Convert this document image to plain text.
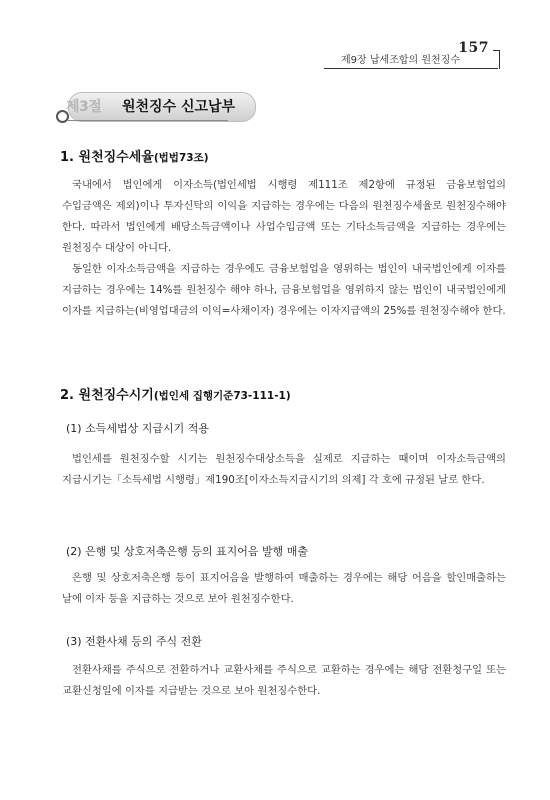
제9장 납세조합의 원천징수
157
제3절 원천징수 신고납부
1. 원천징수세율(법법73조)

국내에서 법인에게 이자소득(법인세법 시행령 제111조 제2항에 규정된 금융보험업의 수입금액은 제외)이나 투자신탁의 이익을 지급하는 경우에는 다음의 원천징수세율로 원천징수해야 한다. 따라서 법인에게 배당소득금액이나 사업수입금액 또는 기타소득금액을 지급하는 경우에는 원천징수 대상이 아니다.

동일한 이자소득금액을 지급하는 경우에도 금융보험업을 영위하는 법인이 내국법인에게 이자를 지급하는 경우에는 14%를 원천징수 해야 하나, 금융보험업을 영위하지 않는 법인이 내국법인에게 이자를 지급하는(비영업대금의 이익=사채이자) 경우에는 이자지급액의 25%를 원천징수해야 한다.

2. 원천징수시기(법인세 집행기준73-111-1)
(1) 소득세법상 지급시기 적용

법인세를 원천징수할 시기는 원천징수대상소득을 실제로 지급하는 때이며 이자소득금액의 지급시기는「소득세법 시행령」제190조[이자소득지급시기의 의제] 각 호에 규정된 날로 한다.

(2) 은행 및 상호저축은행 등의 표지어음 발행 매출

은행 및 상호저축은행 등이 표지어음을 발행하여 매출하는 경우에는 해당 어음을 할인매출하는 날에 이자 등을 지급하는 것으로 보아 원천징수한다.

(3) 전환사채 등의 주식 전환

전환사채를 주식으로 전환하거나 교환사채를 주식으로 교환하는 경우에는 해당 전환청구일 또는 교환신청일에 이자를 지급받는 것으로 보아 원천징수한다.
